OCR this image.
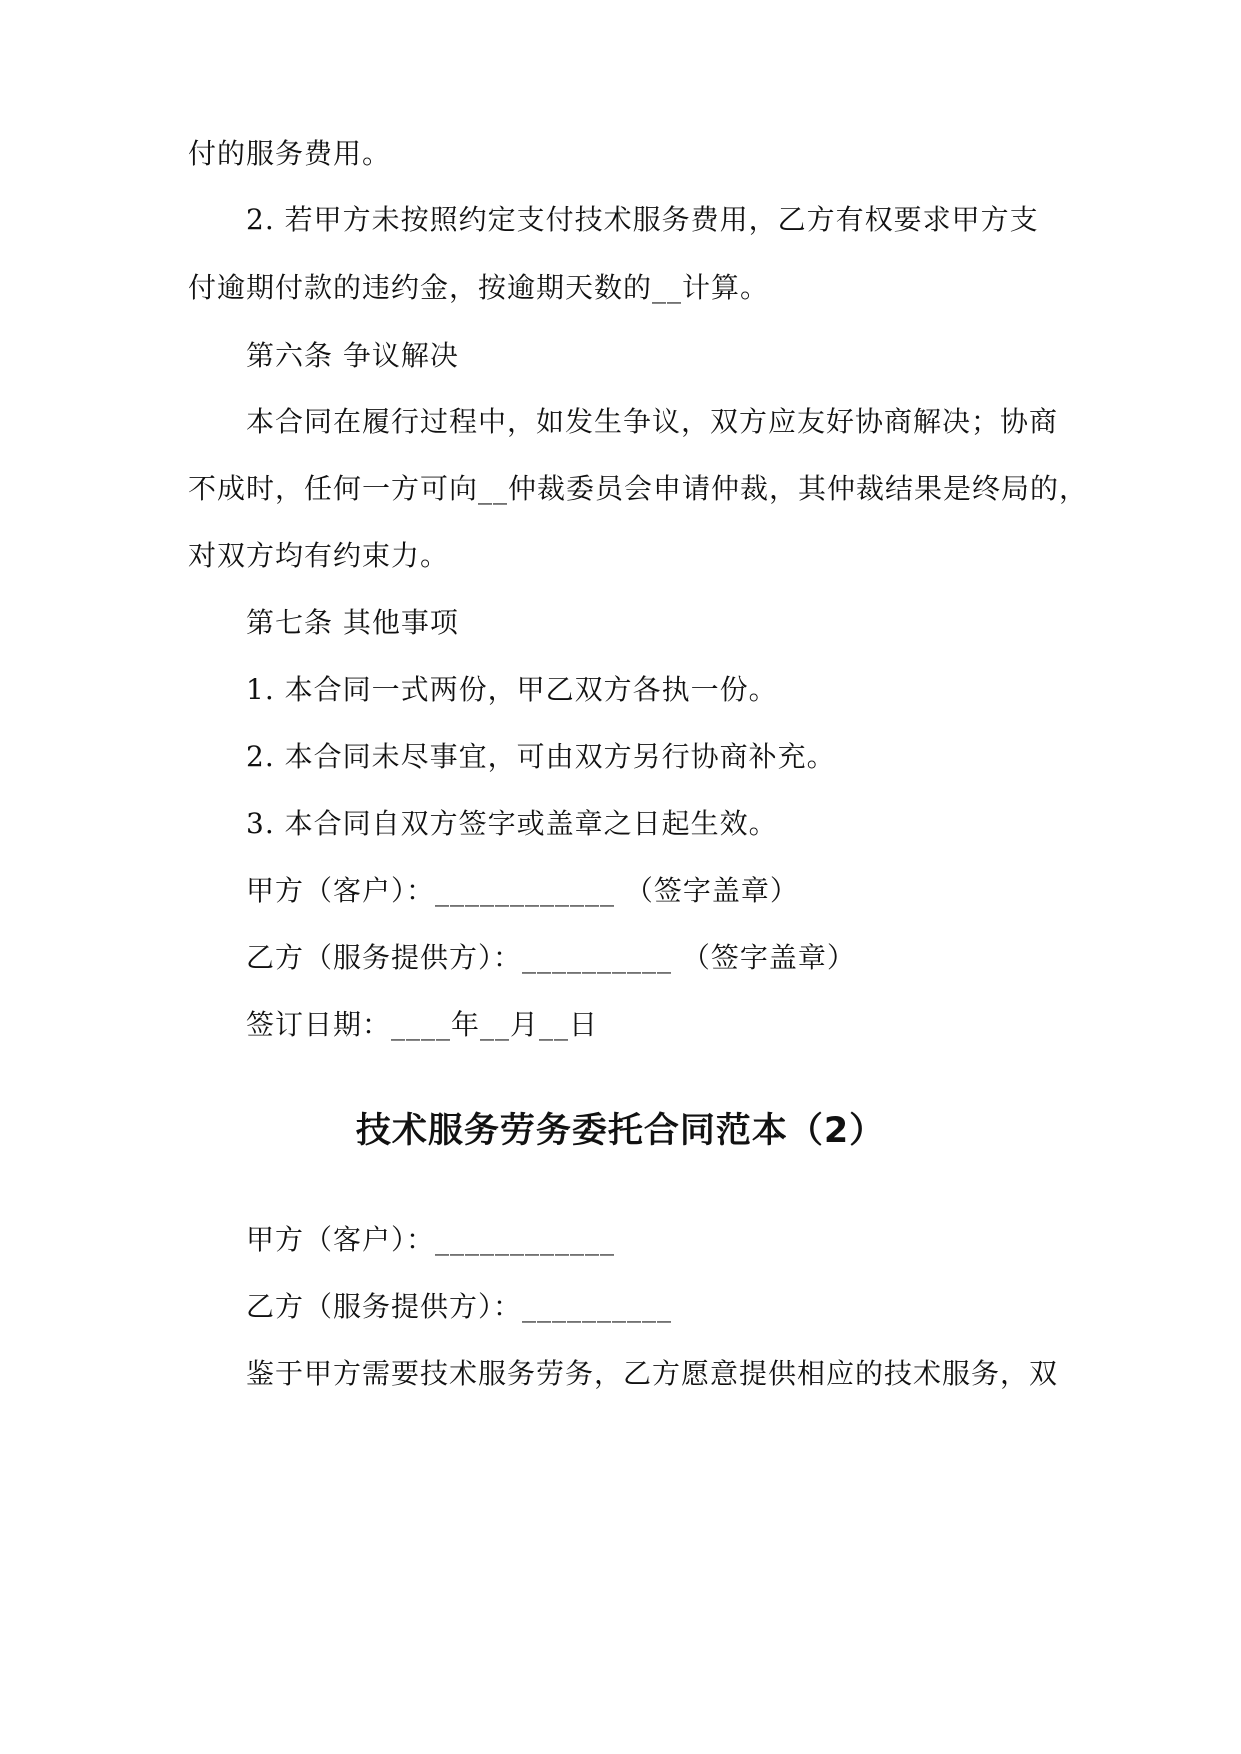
付的服务费用。
2. 若甲方未按照约定支付技术服务费用，乙方有权要求甲方支
付逾期付款的违约金，按逾期天数的__计算。
第六条 争议解决
本合同在履行过程中，如发生争议，双方应友好协商解决；协商
不成时，任何一方可向__仲裁委员会申请仲裁，其仲裁结果是终局的，
对双方均有约束力。
第七条 其他事项
1. 本合同一式两份，甲乙双方各执一份。
2. 本合同未尽事宜，可由双方另行协商补充。
3. 本合同自双方签字或盖章之日起生效。
甲方（客户）：____________ （签字盖章）
乙方（服务提供方）：__________ （签字盖章）
签订日期：____年__月__日
技术服务劳务委托合同范本（2）
甲方（客户）：____________
乙方（服务提供方）：__________
鉴于甲方需要技术服务劳务，乙方愿意提供相应的技术服务，双
